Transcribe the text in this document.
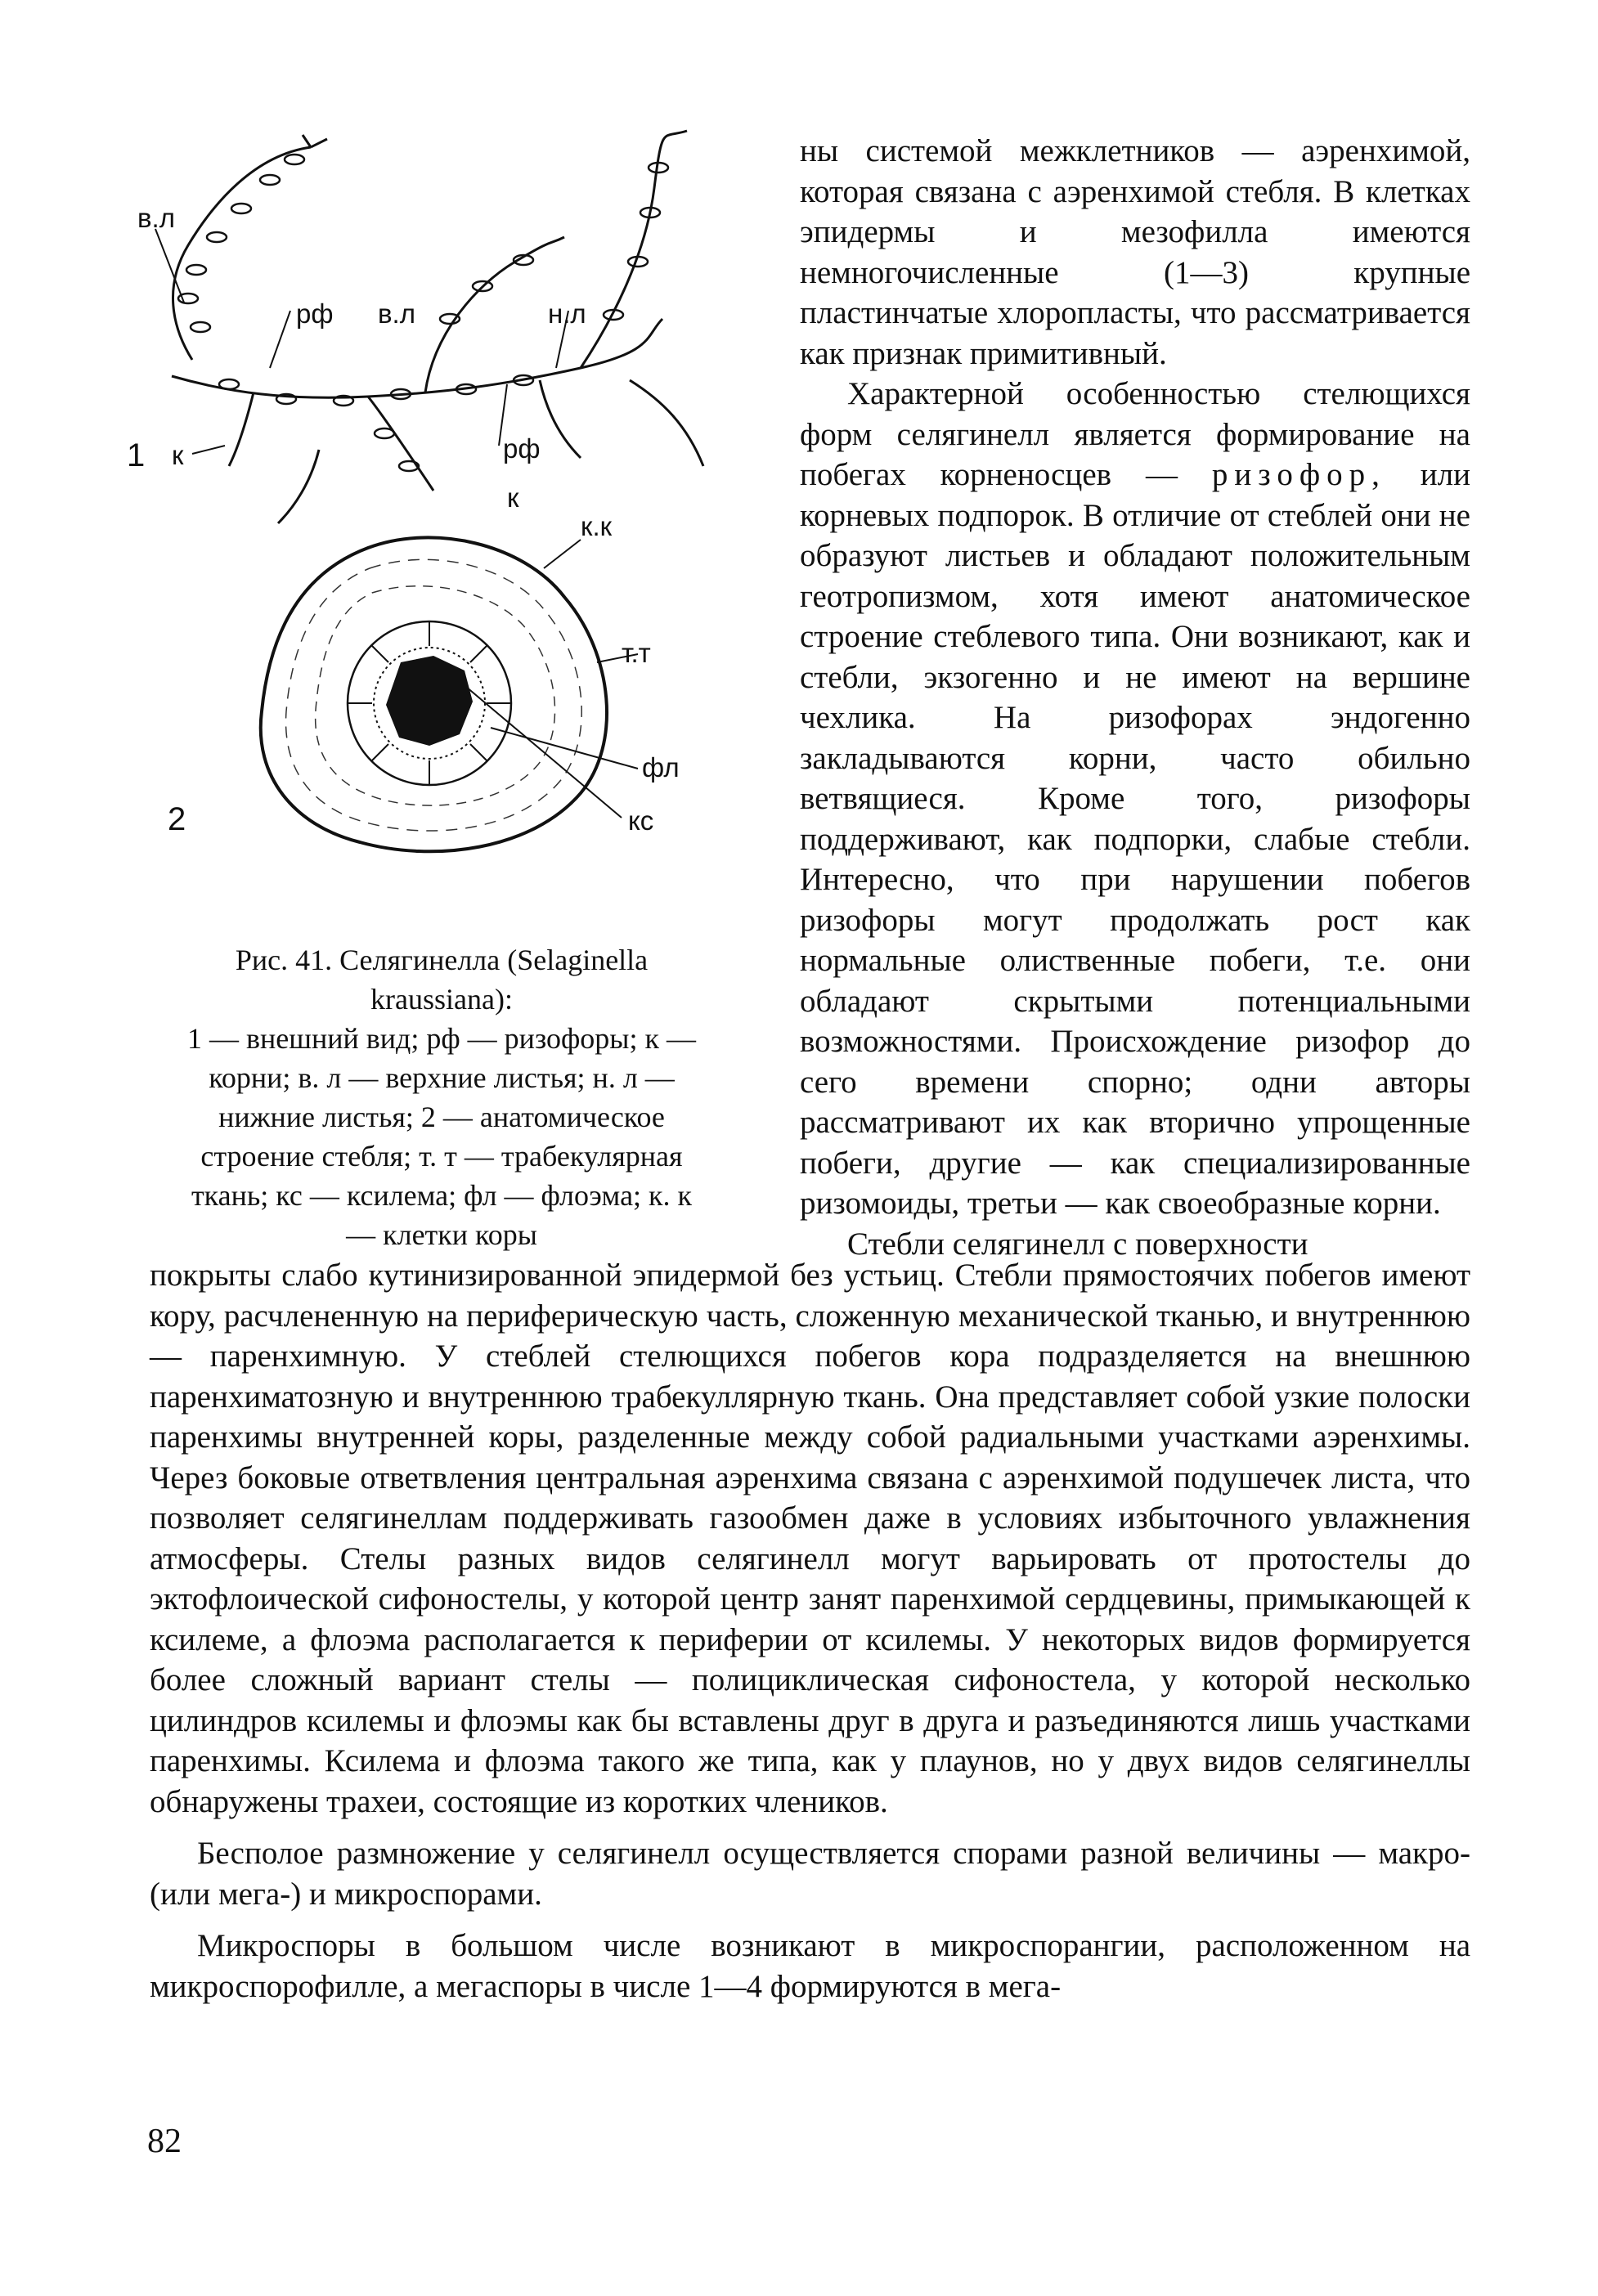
в.л
рф в.л	н.л
рф
к
к
1
к.к
т.т
фл
кс
2

Рис. 41. Селягинелла (Selaginella kraussiana):

1 — внешний вид; рф — ризофоры; к — корни; в. л — верхние листья; н. л — нижние листья; 2 — анатомическое строение стебля; т. т — трабекулярная ткань; кс — ксилема; фл — флоэма; к. к — клетки коры

ны системой межклетников — аэренхимой, которая связана с аэренхимой стебля. В клетках эпидермы и мезофилла имеются немногочисленные (1—3) крупные пластинчатые хлоропласты, что рассматривается как признак примитивный.

Характерной особенностью стелющихся форм селягинелл является формирование на побегах корненосцев — ризофор, или корневых подпорок. В отличие от стеблей они не образуют листьев и обладают положительным геотропизмом, хотя имеют анатомическое строение стеблевого типа. Они возникают, как и стебли, экзогенно и не имеют на вершине чехлика. На ризофорах эндогенно закладываются корни, часто обильно ветвящиеся. Кроме того, ризофоры поддерживают, как подпорки, слабые стебли. Интересно, что при нарушении побегов ризофоры могут продолжать рост как нормальные олиственные побеги, т.е. они обладают скрытыми потенциальными возможностями. Происхождение ризофор до сего времени спорно; одни авторы рассматривают их как вторично упрощенные побеги, другие — как специализированные ризомоиды, третьи — как своеобразные корни.

Стебли селягинелл с поверхности

покрыты слабо кутинизированной эпидермой без устьиц. Стебли прямостоячих побегов имеют кору, расчлененную на периферическую часть, сложенную механической тканью, и внутреннюю — паренхимную. У стеблей стелющихся побегов кора подразделяется на внешнюю паренхиматозную и внутреннюю трабекуллярную ткань. Она представляет собой узкие полоски паренхимы внутренней коры, разделенные между собой радиальными участками аэренхимы. Через боковые ответвления центральная аэренхима связана с аэренхимой подушечек листа, что позволяет селягинеллам поддерживать газообмен даже в условиях избыточного увлажнения атмосферы. Стелы разных видов селягинелл могут варьировать от протостелы до эктофлоической сифоностелы, у которой центр занят паренхимой сердцевины, примыкающей к ксилеме, а флоэма располагается к периферии от ксилемы. У некоторых видов формируется более сложный вариант стелы — полициклическая сифоностела, у которой несколько цилиндров ксилемы и флоэмы как бы вставлены друг в друга и разъединяются лишь участками паренхимы. Ксилема и флоэма такого же типа, как у плаунов, но у двух видов селягинеллы обнаружены трахеи, состоящие из коротких члеников.

Бесполое размножение у селягинелл осуществляется спорами разной величины — макро- (или мега-) и микроспорами.

Микроспоры в большом числе возникают в микроспорангии, расположенном на микроспорофилле, а мегаспоры в числе 1—4 формируются в мега-

82
